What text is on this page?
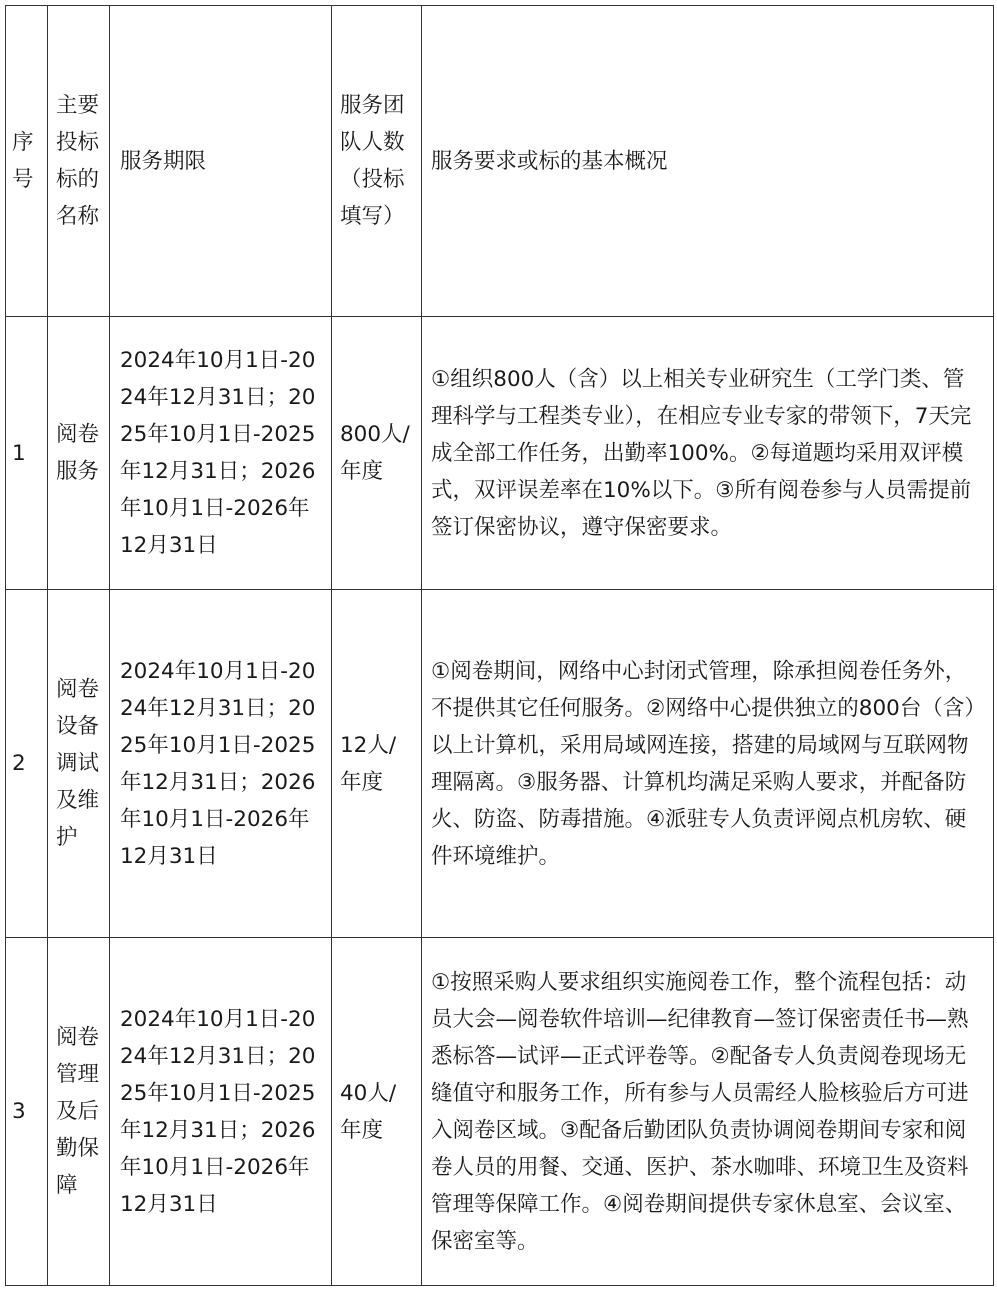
序号	主要投标标的名称	服务期限	服务团队人数（投标填写）	服务要求或标的基本概况
1	阅卷服务	2024年10月1日-2024年12月31日；2025年10月1日-2025年12月31日；2026年10月1日-2026年12月31日	800人/年度	①组织800人（含）以上相关专业研究生（工学门类、管理科学与工程类专业），在相应专业专家的带领下，7天完成全部工作任务，出勤率100%。②每道题均采用双评模式，双评误差率在10%以下。③所有阅卷参与人员需提前签订保密协议，遵守保密要求。
2	阅卷设备调试及维护	2024年10月1日-2024年12月31日；2025年10月1日-2025年12月31日；2026年10月1日-2026年12月31日	12人/年度	①阅卷期间，网络中心封闭式管理，除承担阅卷任务外，不提供其它任何服务。②网络中心提供独立的800台（含）以上计算机，采用局域网连接，搭建的局域网与互联网物理隔离。③服务器、计算机均满足采购人要求，并配备防火、防盗、防毒措施。④派驻专人负责评阅点机房软、硬件环境维护。
3	阅卷管理及后勤保障	2024年10月1日-2024年12月31日；2025年10月1日-2025年12月31日；2026年10月1日-2026年12月31日	40人/年度	①按照采购人要求组织实施阅卷工作，整个流程包括：动员大会—阅卷软件培训—纪律教育—签订保密责任书—熟悉标答—试评—正式评卷等。②配备专人负责阅卷现场无缝值守和服务工作，所有参与人员需经人脸核验后方可进入阅卷区域。③配备后勤团队负责协调阅卷期间专家和阅卷人员的用餐、交通、医护、茶水咖啡、环境卫生及资料管理等保障工作。④阅卷期间提供专家休息室、会议室、保密室等。
